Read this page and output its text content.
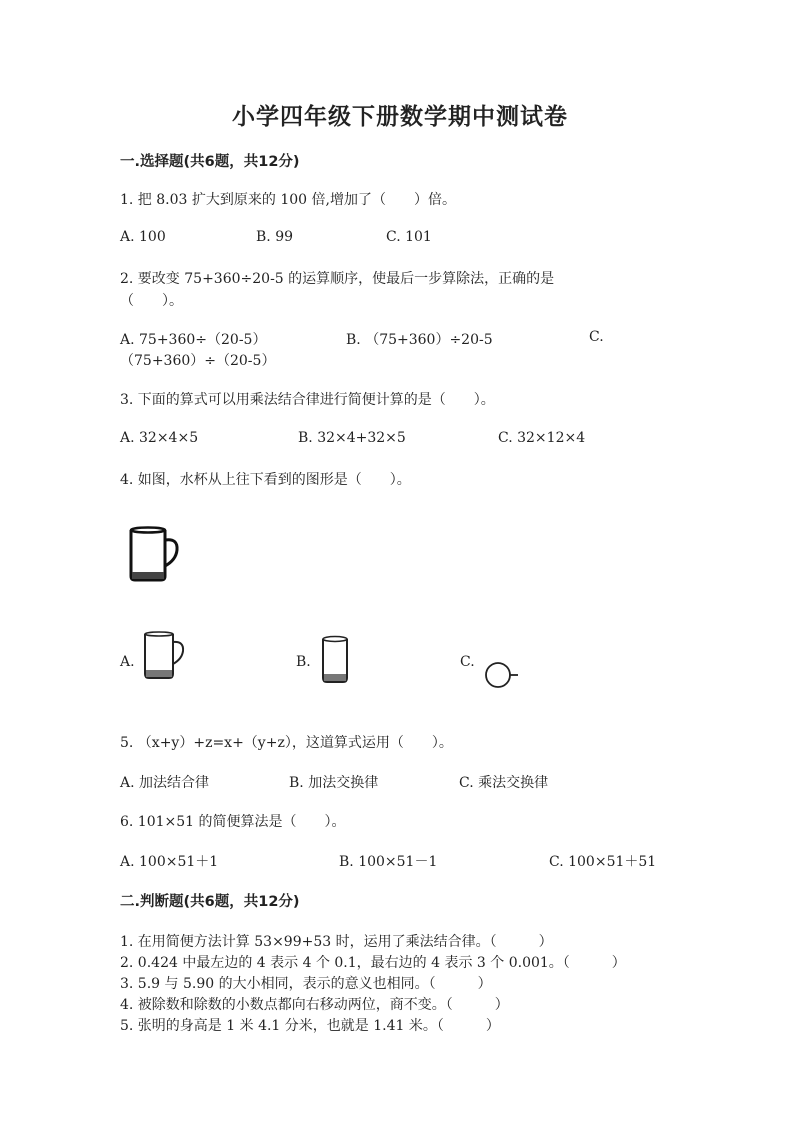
小学四年级下册数学期中测试卷
一.选择题(共6题，共12分)
1. 把 8.03 扩大到原来的 100 倍,增加了（　　）倍。
A. 100	B. 99	C. 101
2. 要改变 75+360÷20-5 的运算顺序，使最后一步算除法，正确的是
（　　）。
A. 75+360÷（20-5）	B. （75+360）÷20-5	C.
（75+360）÷（20-5）
3. 下面的算式可以用乘法结合律进行简便计算的是（　　）。
A. 32×4×5	B. 32×4+32×5	C. 32×12×4
4. 如图，水杯从上往下看到的图形是（　　）。
A.	B.	C.
5. （x+y）+z=x+（y+z），这道算式运用（　　）。
A. 加法结合律	B. 加法交换律	C. 乘法交换律
6. 101×51 的简便算法是（　　）。
A. 100×51＋1	B. 100×51－1	C. 100×51＋51
二.判断题(共6题，共12分)
1. 在用简便方法计算 53×99+53 时，运用了乘法结合律。（　　　）
2. 0.424 中最左边的 4 表示 4 个 0.1，最右边的 4 表示 3 个 0.001。（　　　）
3. 5.9 与 5.90 的大小相同，表示的意义也相同。（　　　）
4. 被除数和除数的小数点都向右移动两位，商不变。（　　　）
5. 张明的身高是 1 米 4.1 分米，也就是 1.41 米。（　　　）
